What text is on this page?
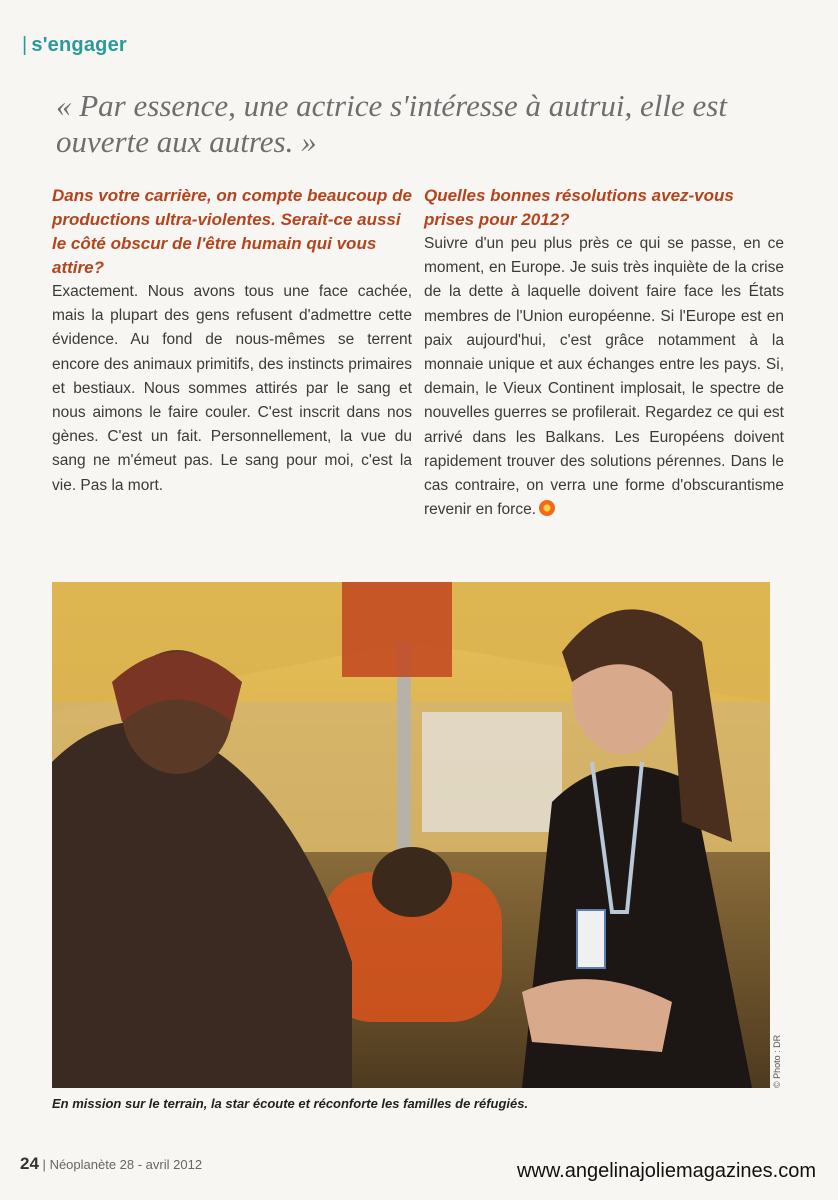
| s'engager
« Par essence, une actrice s'intéresse à autrui, elle est ouverte aux autres. »

Dans votre carrière, on compte beaucoup de productions ultra-violentes. Serait-ce aussi le côté obscur de l'être humain qui vous attire?

Exactement. Nous avons tous une face cachée, mais la plupart des gens refusent d'admettre cette évidence. Au fond de nous-mêmes se terrent encore des animaux primitifs, des instincts primaires et bestiaux. Nous sommes attirés par le sang et nous aimons le faire couler. C'est inscrit dans nos gènes. C'est un fait. Personnellement, la vue du sang ne m'émeut pas. Le sang pour moi, c'est la vie. Pas la mort.

Quelles bonnes résolutions avez-vous prises pour 2012?

Suivre d'un peu plus près ce qui se passe, en ce moment, en Europe. Je suis très inquiète de la crise de la dette à laquelle doivent faire face les États membres de l'Union européenne. Si l'Europe est en paix aujourd'hui, c'est grâce notamment à la monnaie unique et aux échanges entre les pays. Si, demain, le Vieux Continent implosait, le spectre de nouvelles guerres se profilerait. Regardez ce qui est arrivé dans les Balkans. Les Européens doivent rapidement trouver des solutions pérennes. Dans le cas contraire, on verra une forme d'obscurantisme revenir en force.

© Photo : DR
En mission sur le terrain, la star écoute et réconforte les familles de réfugiés.
24 | Néoplanète 28 - avril 2012	www.angelinajoliemagazines.com
